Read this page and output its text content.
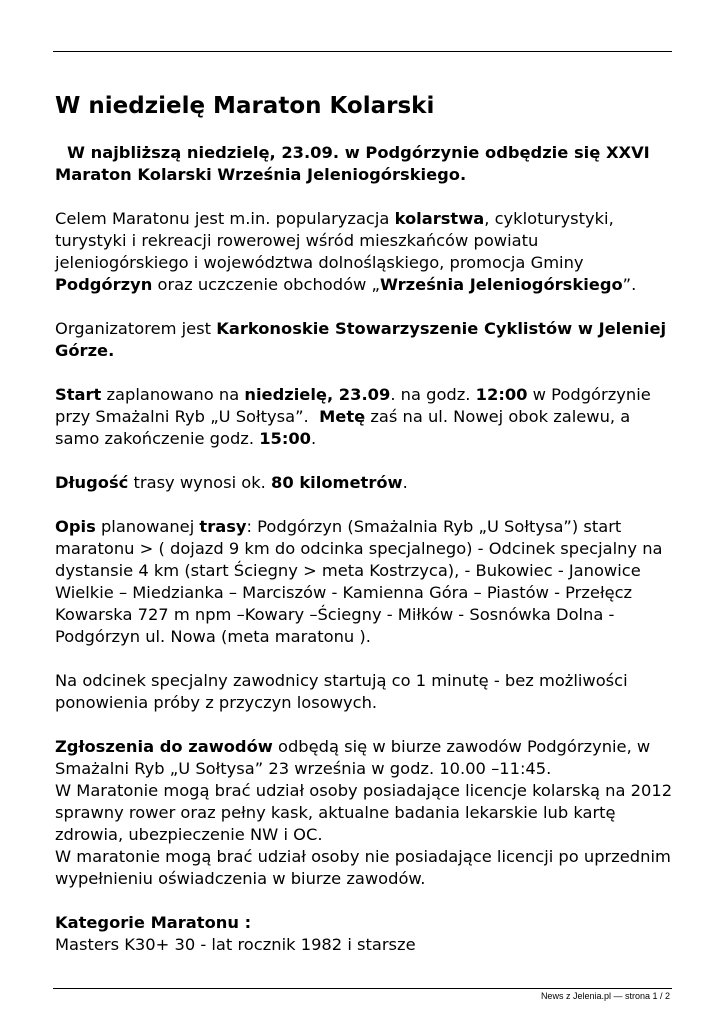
W niedzielę Maraton Kolarski
W najbliższą niedzielę, 23.09. w Podgórzynie odbędzie się XXVI Maraton Kolarski Września Jeleniogórskiego.

Celem Maratonu jest m.in. popularyzacja kolarstwa, cykloturystyki, turystyki i rekreacji rowerowej wśród mieszkańców powiatu jeleniogórskiego i województwa dolnośląskiego, promocja Gminy Podgórzyn oraz uczczenie obchodów „Września Jeleniogórskiego”.

Organizatorem jest Karkonoskie Stowarzyszenie Cyklistów w Jeleniej Górze.

Start zaplanowano na niedzielę, 23.09. na godz. 12:00 w Podgórzynie przy Smażalni Ryb „U Sołtysa”.  Metę zaś na ul. Nowej obok zalewu, a samo zakończenie godz. 15:00.

Długość trasy wynosi ok. 80 kilometrów.

Opis planowanej trasy: Podgórzyn (Smażalnia Ryb „U Sołtysa”) start maratonu > ( dojazd 9 km do odcinka specjalnego) - Odcinek specjalny na dystansie 4 km (start Ściegny > meta Kostrzyca), - Bukowiec - Janowice Wielkie – Miedzianka – Marciszów - Kamienna Góra – Piastów - Przełęcz Kowarska 727 m npm –Kowary –Ściegny - Miłków - Sosnówka Dolna - Podgórzyn ul. Nowa (meta maratonu ).

Na odcinek specjalny zawodnicy startują co 1 minutę - bez możliwości ponowienia próby z przyczyn losowych.

Zgłoszenia do zawodów odbędą się w biurze zawodów Podgórzynie, w Smażalni Ryb „U Sołtysa” 23 września w godz. 10.00 –11:45.

W Maratonie mogą brać udział osoby posiadające licencje kolarską na 2012 sprawny rower oraz pełny kask, aktualne badania lekarskie lub kartę zdrowia, ubezpieczenie NW i OC.

W maratonie mogą brać udział osoby nie posiadające licencji po uprzednim wypełnieniu oświadczenia w biurze zawodów.

Kategorie Maratonu :

Masters K30+ 30 - lat rocznik 1982 i starsze

News z Jelenia.pl — strona 1 / 2
